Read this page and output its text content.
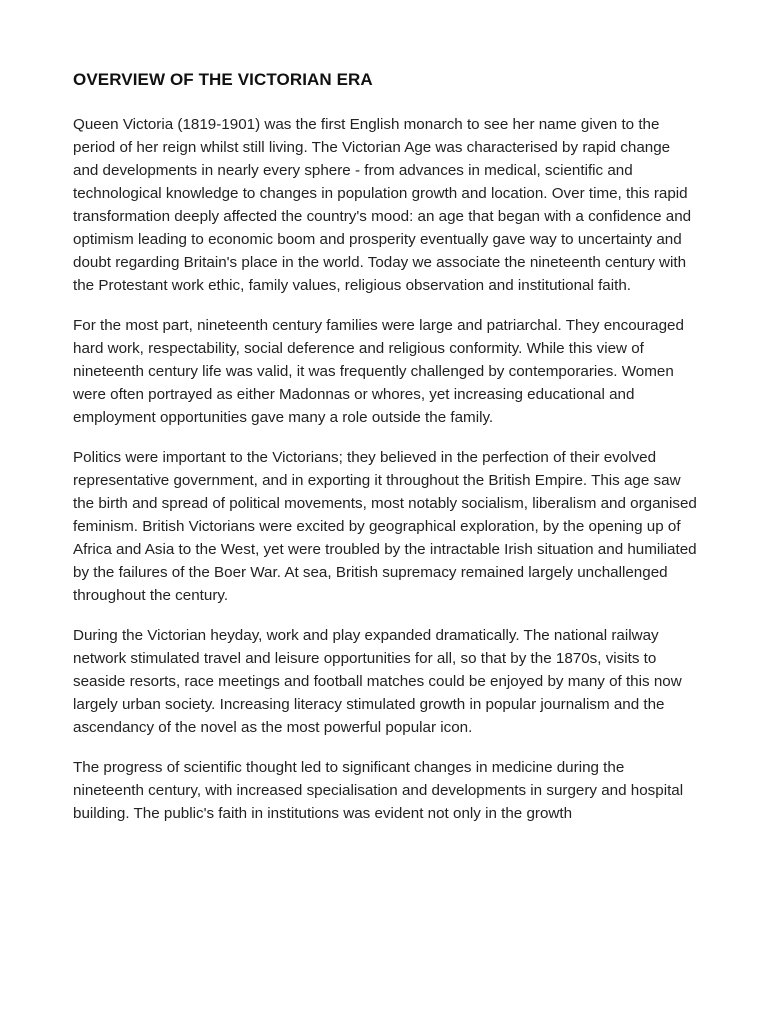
OVERVIEW OF THE VICTORIAN ERA

Queen Victoria (1819-1901) was the first English monarch to see her name given to the period of her reign whilst still living. The Victorian Age was characterised by rapid change and developments in nearly every sphere - from advances in medical, scientific and technological knowledge to changes in population growth and location. Over time, this rapid transformation deeply affected the country's mood: an age that began with a confidence and optimism leading to economic boom and prosperity eventually gave way to uncertainty and doubt regarding Britain's place in the world. Today we associate the nineteenth century with the Protestant work ethic, family values, religious observation and institutional faith.

For the most part, nineteenth century families were large and patriarchal. They encouraged hard work, respectability, social deference and religious conformity. While this view of nineteenth century life was valid, it was frequently challenged by contemporaries. Women were often portrayed as either Madonnas or whores, yet increasing educational and employment opportunities gave many a role outside the family.

Politics were important to the Victorians; they believed in the perfection of their evolved representative government, and in exporting it throughout the British Empire. This age saw the birth and spread of political movements, most notably socialism, liberalism and organised feminism. British Victorians were excited by geographical exploration, by the opening up of Africa and Asia to the West, yet were troubled by the intractable Irish situation and humiliated by the failures of the Boer War. At sea, British supremacy remained largely unchallenged throughout the century.

During the Victorian heyday, work and play expanded dramatically. The national railway network stimulated travel and leisure opportunities for all, so that by the 1870s, visits to seaside resorts, race meetings and football matches could be enjoyed by many of this now largely urban society. Increasing literacy stimulated growth in popular journalism and the ascendancy of the novel as the most powerful popular icon.

The progress of scientific thought led to significant changes in medicine during the nineteenth century, with increased specialisation and developments in surgery and hospital building. The public's faith in institutions was evident not only in the growth
